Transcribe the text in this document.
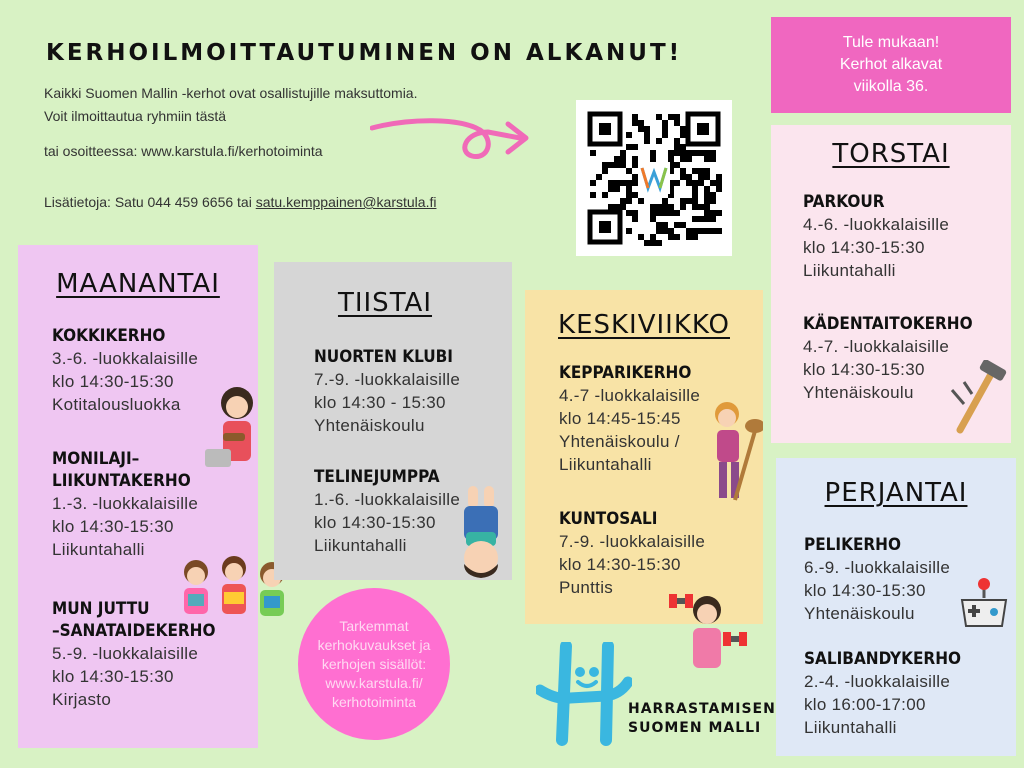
KERHOILMOITTAUTUMINEN ON ALKANUT!
Kaikki Suomen Mallin -kerhot ovat osallistujille maksuttomia.
Voit ilmoittautua ryhmiin tästä
tai osoitteessa: www.karstula.fi/kerhotoiminta
Lisätietoja: Satu 044 459 6656 tai satu.kemppainen@karstula.fi
Tule mukaan!
Kerhot alkavat
viikolla 36.
MAANANTAI
KOKKIKERHO
3.-6. -luokkalaisille
klo 14:30-15:30
Kotitalousluokka
MONILAJI–
LIIKUNTAKERHO
1.-3. -luokkalaisille
klo 14:30-15:30
Liikuntahalli
MUN JUTTU
–SANATAIDEKERHO
5.-9. -luokkalaisille
klo 14:30-15:30
Kirjasto
TIISTAI
NUORTEN KLUBI
7.-9. -luokkalaisille
klo 14:30 - 15:30
Yhtenäiskoulu
TELINEJUMPPA
1.-6. -luokkalaisille
klo 14:30-15:30
Liikuntahalli
KESKIVIIKKO
KEPPARIKERHO
4.-7 -luokkalaisille
klo 14:45-15:45
Yhtenäiskoulu /
Liikuntahalli
KUNTOSALI
7.-9. -luokkalaisille
klo 14:30-15:30
Punttis
TORSTAI
PARKOUR
4.-6. -luokkalaisille
klo 14:30-15:30
Liikuntahalli
KÄDENTAITOKERHO
4.-7. -luokkalaisille
klo 14:30-15:30
Yhtenäiskoulu
PERJANTAI
PELIKERHO
6.-9. -luokkalaisille
klo 14:30-15:30
Yhtenäiskoulu
SALIBANDYKERHO
2.-4. -luokkalaisille
klo 16:00-17:00
Liikuntahalli
Tarkemmat
kerhokuvaukset ja
kerhojen sisällöt:
www.karstula.fi/
kerhotoiminta	HARRASTAMISEN
SUOMEN MALLI
